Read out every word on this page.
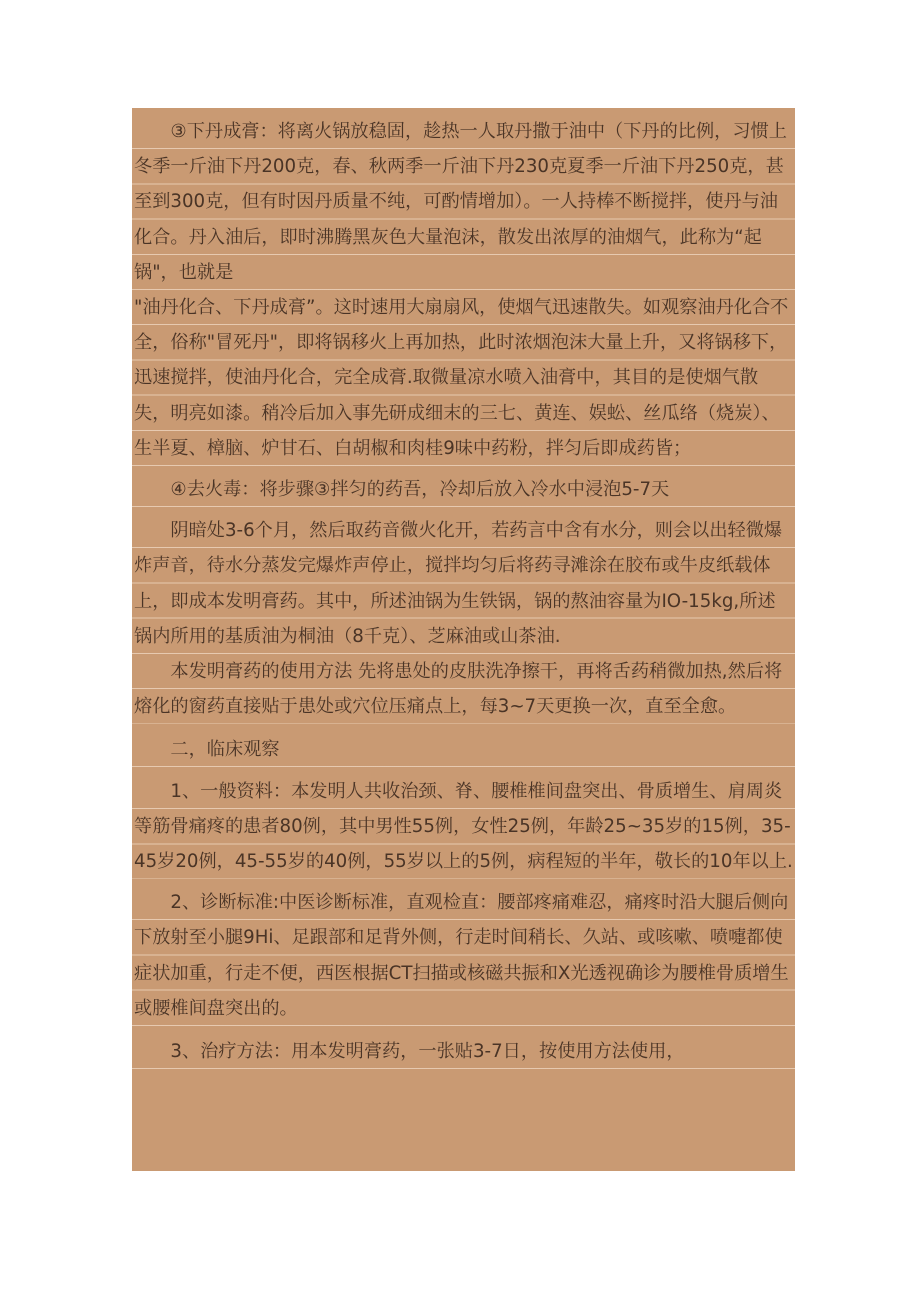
③下丹成膏：将离火锅放稳固，趁热一人取丹撒于油中（下丹的比例，习惯上冬季一斤油下丹200克，春、秋两季一斤油下丹230克夏季一斤油下丹250克，甚至到300克，但有时因丹质量不纯，可酌情增加）。一人持棒不断搅拌，使丹与油化合。丹入油后，即时沸腾黑灰色大量泡沫，散发出浓厚的油烟气，此称为“起锅"，也就是

"油丹化合、下丹成膏”。这时速用大扇扇风，使烟气迅速散失。如观察油丹化合不全，俗称"冒死丹"，即将锅移火上再加热，此时浓烟泡沫大量上升，又将锅移下，迅速搅拌，使油丹化合，完全成膏.取微量凉水喷入油膏中，其目的是使烟气散失，明亮如漆。稍冷后加入事先研成细末的三七、黄连、娱蚣、丝瓜络（烧炭）、生半夏、樟脑、炉甘石、白胡椒和肉桂9味中药粉，拌匀后即成药皆；

④去火毒：将步骤③拌匀的药吾，冷却后放入冷水中浸泡5-7天

阴暗处3-6个月，然后取药音微火化开，若药言中含有水分，则会以出轻微爆炸声音，待水分蒸发完爆炸声停止，搅拌均匀后将药寻滩涂在胶布或牛皮纸载体上，即成本发明膏药。其中，所述油锅为生铁锅，锅的熬油容量为IO-15kg,所述锅内所用的基质油为桐油（8千克）、芝麻油或山茶油.

本发明膏药的使用方法 先将患处的皮肤洗净擦干，再将舌药稍微加热,然后将熔化的窗药直接贴于患处或穴位压痛点上，每3~7天更换一次，直至全愈。

二，临床观察

1、一般资料：本发明人共收治颈、脊、腰椎椎间盘突出、骨质增生、肩周炎等筋骨痛疼的患者80例，其中男性55例，女性25例，年龄25~35岁的15例，35-45岁20例，45-55岁的40例，55岁以上的5例，病程短的半年，敬长的10年以上.

2、诊断标准:中医诊断标准，直观检直：腰部疼痛难忍，痛疼时沿大腿后侧向下放射至小腿9Hi、足跟部和足背外侧，行走时间稍长、久站、或咳嗽、喷嚏都使症状加重，行走不便，西医根据CT扫描或核磁共振和X光透视确诊为腰椎骨质增生或腰椎间盘突出的。

3、治疗方法：用本发明膏药，一张贴3-7日，按使用方法使用，
